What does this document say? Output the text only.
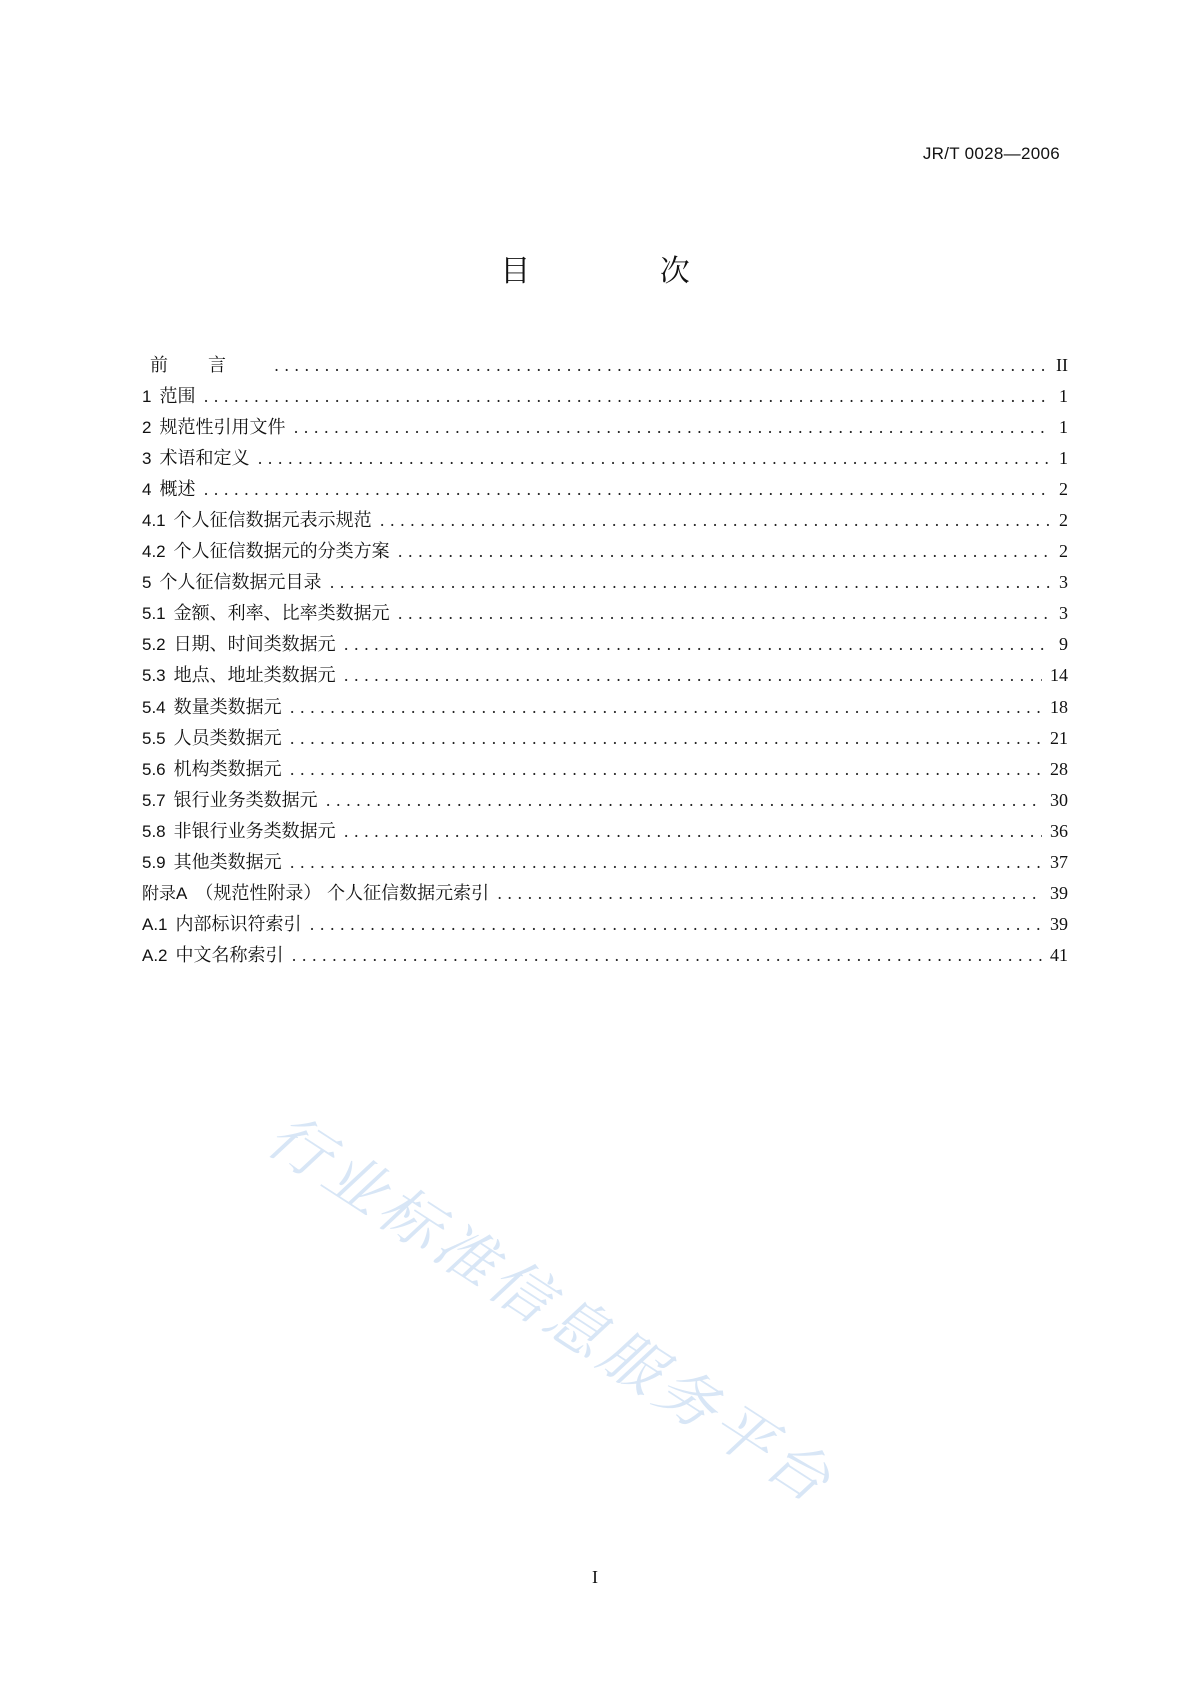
JR/T 0028—2006
目 次
前言 .....	II
1 范围 .....	1
2 规范性引用文件 .....	1
3 术语和定义 .....	1
4 概述 .....	2
4.1 个人征信数据元表示规范 .....	2
4.2 个人征信数据元的分类方案 .....	2
5 个人征信数据元目录 .....	3
5.1 金额、利率、比率类数据元 .....	3
5.2 日期、时间类数据元 .....	9
5.3 地点、地址类数据元 .....	14
5.4 数量类数据元 .....	18
5.5 人员类数据元 .....	21
5.6 机构类数据元 .....	28
5.7 银行业务类数据元 .....	30
5.8 非银行业务类数据元 .....	36
5.9 其他类数据元 .....	37
附录A （规范性附录） 个人征信数据元索引 .....	39
A.1 内部标识符索引 .....	39
A.2 中文名称索引 .....	41
行业标准信息服务平台
I
